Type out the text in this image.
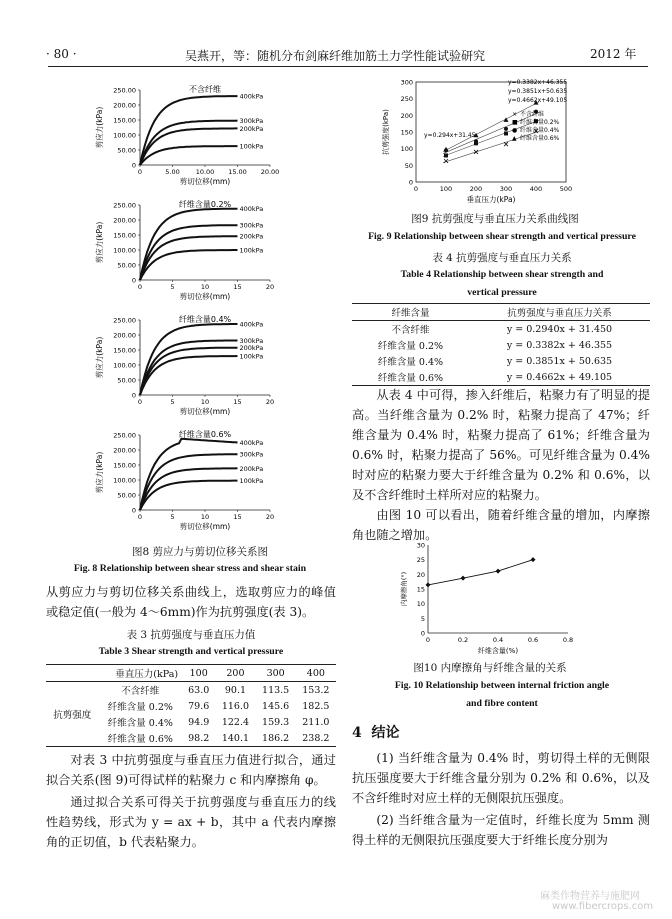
· 80 ·	吴燕开，等：随机分布剑麻纤维加筋土力学性能试验研究	2012 年
不含纤维
0
50.00
100.00
150.00
200.00
250.00
0	5.00 10.00 15.00 20.00
剪切位移(mm)
剪应力(kPa)
400kPa
300kPa
200kPa
100kPa
纤维含量0.2%
0
50.00
100.00
150.00
200.00
250.00
0	5	10	15	20
剪切位移(mm)
剪应力(kPa)
400kPa
300kPa
200kPa
100kPa
纤维含量0.4%
0
50.00
100.00
150.00
200.00
250.00
0	5	10	15	20
剪切位移(mm)
剪应力(kPa)
400kPa
300kPa
200kPa
100kPa
纤维含量0.6%
0
50.00
100.00
150.00
200.00
250.00
0	5	10	15	20
剪切位移(mm)
剪应力(kPa)
400kPa
300kPa
200kPa
100kPa
图8 剪应力与剪切位移关系图
Fig. 8 Relationship between shear stress and shear stain
从剪应力与剪切位移关系曲线上，选取剪应力的峰值或稳定值(一般为 4～6mm)作为抗剪强度(表 3)。
表 3 抗剪强度与垂直压力值
Table 3 Shear strength and vertical pressure
垂直压力(kPa)		100	200	300	400
抗剪强度	不含纤维	63.0	90.1	113.5	153.2
	纤维含量 0.2%	79.6	116.0	145.6	182.5
	纤维含量 0.4%	94.9	122.4	159.3	211.0
	纤维含量 0.6%	98.2	140.1	186.2	238.2
对表 3 中抗剪强度与垂直压力值进行拟合，通过拟合关系(图 9)可得试样的粘聚力 c 和内摩擦角 φ。
通过拟合关系可得关于抗剪强度与垂直压力的线性趋势线，形式为 y = ax + b，其中 a 代表内摩擦角的正切值，b 代表粘聚力。
0
50
100
150
200
250
300
0	100	200	300	400	500
垂直压力(kPa)
抗剪强度(kPa)	y=0.294x+31.45
y=0.3382x+46.355
y=0.3851x+50.635
y=0.4662x+49.105
× 不含纤维
■ 纤维含量0.2%
● 纤维含量0.4%
▲ 纤维含量0.6%
图9 抗剪强度与垂直压力关系曲线图
Fig. 9 Relationship between shear strength and vertical pressure
表 4 抗剪强度与垂直压力关系
Table 4 Relationship between shear strength and
vertical pressure
纤维含量	抗剪强度与垂直压力关系
不含纤维	y = 0.2940x + 31.450
纤维含量 0.2%	y = 0.3382x + 46.355
纤维含量 0.4%	y = 0.3851x + 50.635
纤维含量 0.6%	y = 0.4662x + 49.105
从表 4 中可得，掺入纤维后，粘聚力有了明显的提高。当纤维含量为 0.2% 时，粘聚力提高了 47%；纤维含量为 0.4% 时，粘聚力提高了 61%；纤维含量为 0.6% 时，粘聚力提高了 56%。可见纤维含量为 0.4% 时对应的粘聚力要大于纤维含量为 0.2% 和 0.6%，以及不含纤维时土样所对应的粘聚力。
由图 10 可以看出，随着纤维含量的增加，内摩擦角也随之增加。
0
5
10
15
20
25
30
0	0.2	0.4	0.6	0.8
纤维含量(%)
内摩擦角(°)
图10 内摩擦角与纤维含量的关系
Fig. 10 Relationship between internal friction angle
and fibre content
4 结论
(1) 当纤维含量为 0.4% 时，剪切得土样的无侧限抗压强度要大于纤维含量分别为 0.2% 和 0.6%，以及不含纤维时对应土样的无侧限抗压强度。
(2) 当纤维含量为一定值时，纤维长度为 5mm 测得土样的无侧限抗压强度要大于纤维长度分别为
麻类作物营养与施肥网
www.fibercrops.com
